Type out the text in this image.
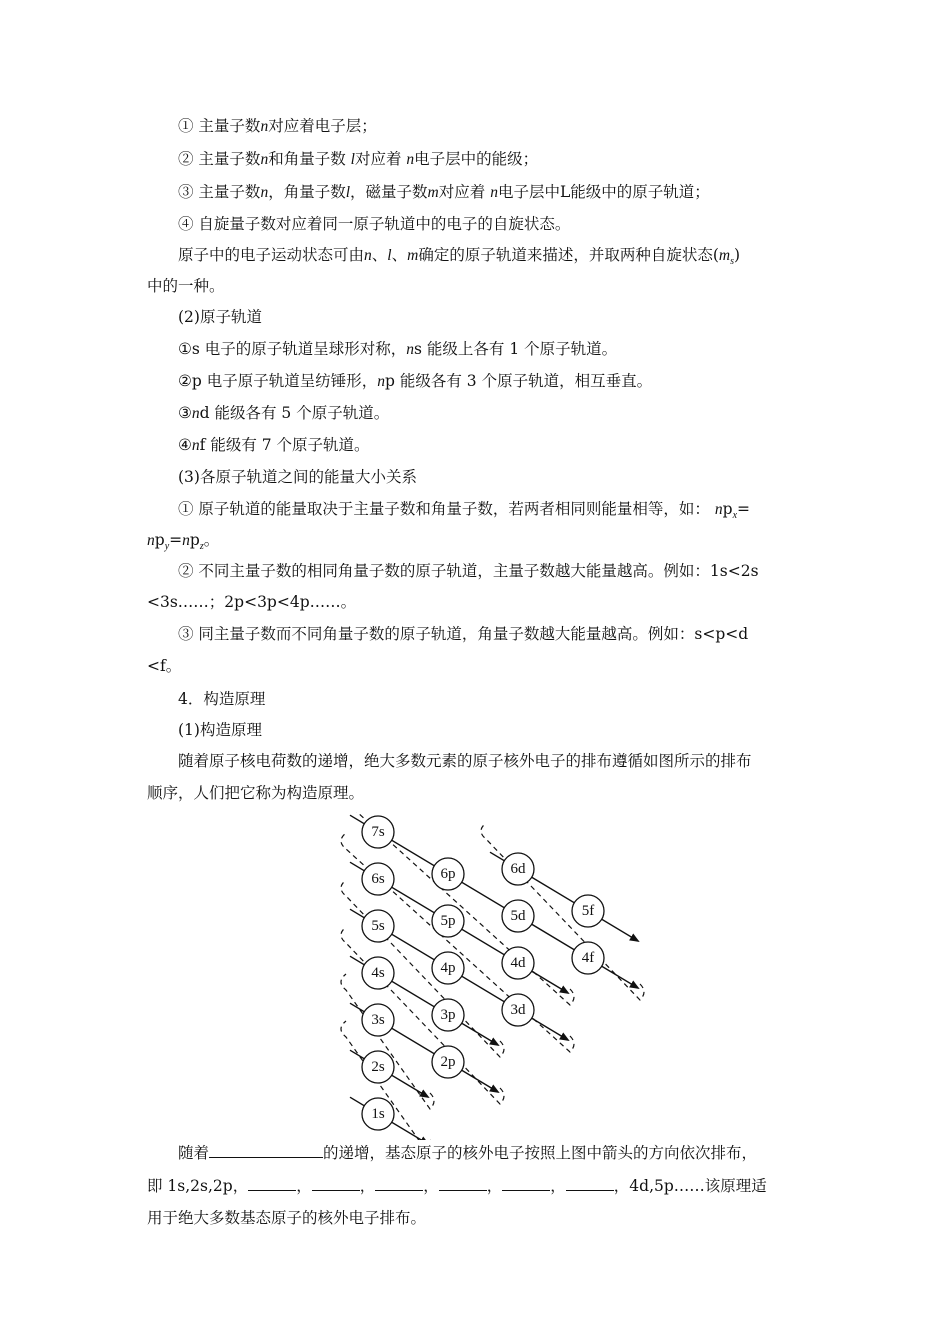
① 主量子数n对应着电子层；
② 主量子数n和角量子数 l对应着 n电子层中的能级；
③ 主量子数n，角量子数l，磁量子数m对应着 n电子层中L能级中的原子轨道；
④ 自旋量子数对应着同一原子轨道中的电子的自旋状态。
原子中的电子运动状态可由n、l、m确定的原子轨道来描述，并取两种自旋状态$(m_s)$
中的一种。
(2)原子轨道
①s 电子的原子轨道呈球形对称，ns 能级上各有 1 个原子轨道。
②p 电子原子轨道呈纺锤形，np 能级各有 3 个原子轨道，相互垂直。
③nd 能级各有 5 个原子轨道。
④nf 能级有 7 个原子轨道。
(3)各原子轨道之间的能量大小关系
① 原子轨道的能量取决于主量子数和角量子数，若两者相同则能量相等，如： $np_x=$
$np_y=np_z$。
② 不同主量子数的相同角量子数的原子轨道，主量子数越大能量越高。例如：1s<2s
<3s……；2p<3p<4p……。
③ 同主量子数而不同角量子数的原子轨道，角量子数越大能量越高。例如：s<p<d
<f。
4．构造原理
(1)构造原理
随着原子核电荷数的递增，绝大多数元素的原子核外电子的排布遵循如图所示的排布
顺序，人们把它称为构造原理。
1s
2s	2p
3s	3p	3d
4s	4p	4d	4f
5s	5p	5d	5f
6s	6p	6d
7s
随着	的递增，基态原子的核外电子按照上图中箭头的方向依次排布，
即 1s,2s,2p，	，	，	，	，	，	，4d,5p……该原理适
用于绝大多数基态原子的核外电子排布。
